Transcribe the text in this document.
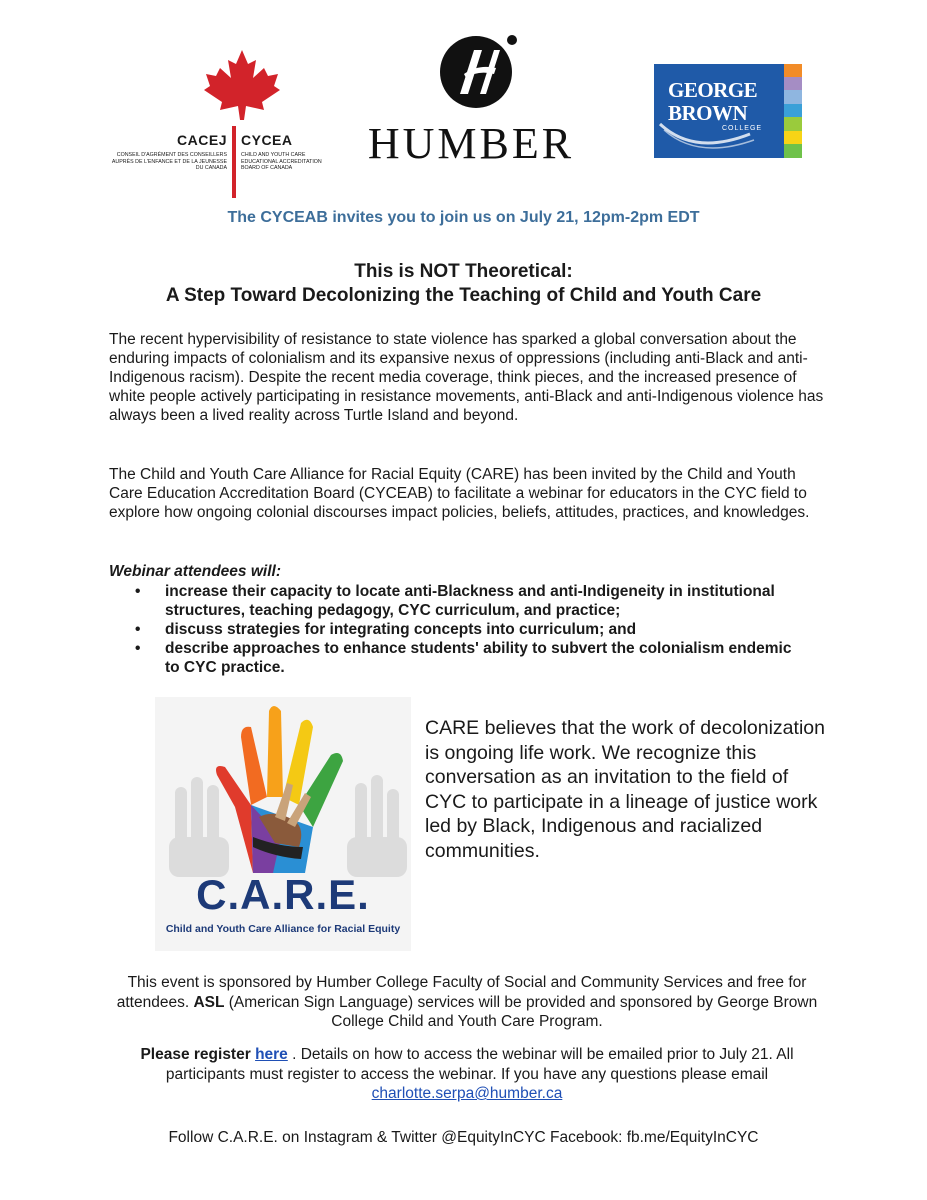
CACEJ CYCEA
CONSEIL D'AGRÉMENT DES CONSEILLERS AUPRÈS DE L'ENFANCE ET DE LA JEUNESSE DU CANADA
CHILD AND YOUTH CARE EDUCATIONAL ACCREDITATION BOARD OF CANADA	HUMBER
GEORGE
BROWN
COLLEGE
The CYCEAB invites you to join us on July 21, 12pm-2pm EDT
This is NOT Theoretical:
A Step Toward Decolonizing the Teaching of Child and Youth Care
The recent hypervisibility of resistance to state violence has sparked a global conversation about the enduring impacts of colonialism and its expansive nexus of oppressions (including anti-Black and anti-Indigenous racism). Despite the recent media coverage, think pieces, and the increased presence of white people actively participating in resistance movements, anti-Black and anti-Indigenous violence has always been a lived reality across Turtle Island and beyond.
The Child and Youth Care Alliance for Racial Equity (CARE) has been invited by the Child and Youth Care Education Accreditation Board (CYCEAB) to facilitate a webinar for educators in the CYC field to explore how ongoing colonial discourses impact policies, beliefs, attitudes, practices, and knowledges.
Webinar attendees will:
• increase their capacity to locate anti-Blackness and anti-Indigeneity in institutional structures, teaching pedagogy, CYC curriculum, and practice;
• discuss strategies for integrating concepts into curriculum; and
• describe approaches to enhance students' ability to subvert the colonialism endemic to CYC practice.
C.A.R.E.
Child and Youth Care Alliance for Racial Equity
CARE believes that the work of decolonization is ongoing life work. We recognize this conversation as an invitation to the field of CYC to participate in a lineage of justice work led by Black, Indigenous and racialized communities.
This event is sponsored by Humber College Faculty of Social and Community Services and free for attendees. ASL (American Sign Language) services will be provided and sponsored by George Brown College Child and Youth Care Program.
Please register here . Details on how to access the webinar will be emailed prior to July 21. All participants must register to access the webinar. If you have any questions please email charlotte.serpa@humber.ca
Follow C.A.R.E. on Instagram & Twitter @EquityInCYC Facebook: fb.me/EquityInCYC
